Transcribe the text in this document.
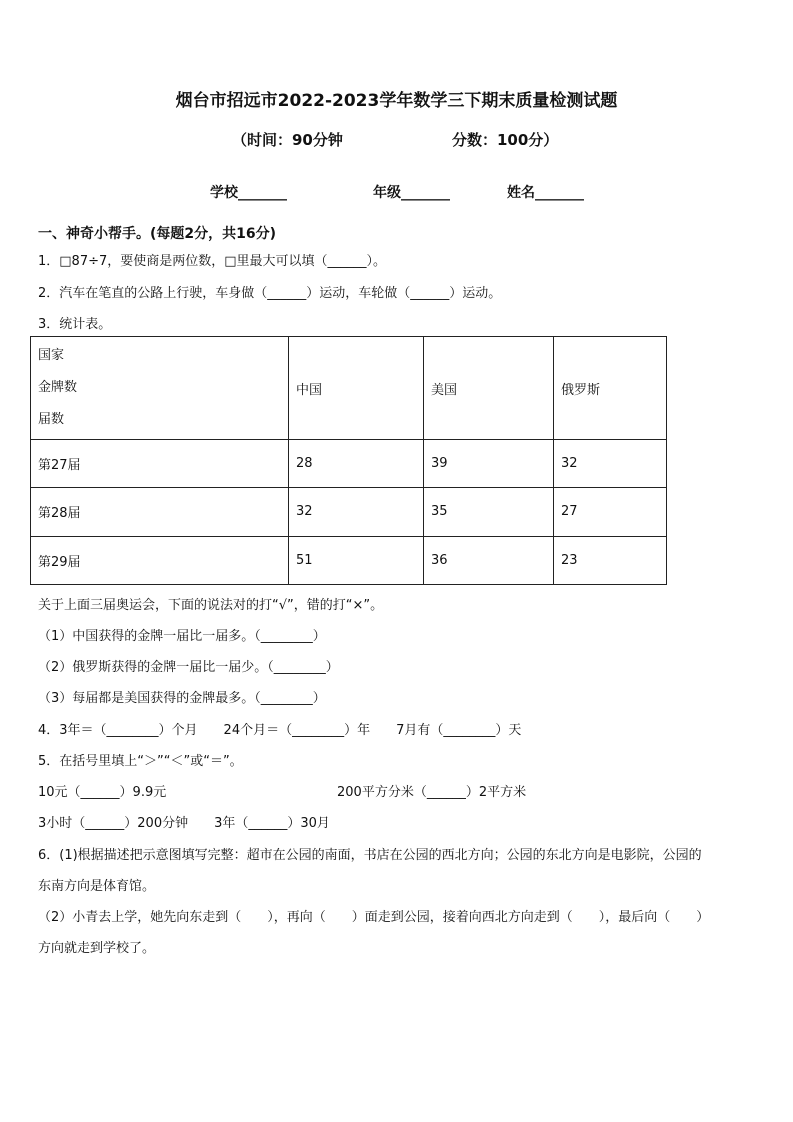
烟台市招远市2022-2023学年数学三下期末质量检测试题
（时间：90分钟	分数：100分）
学校_______	年级_______	姓名_______
一、神奇小帮手。(每题2分，共16分)
1．□87÷7，要使商是两位数，□里最大可以填（______）。
2．汽车在笔直的公路上行驶，车身做（______）运动，车轮做（______）运动。
3．统计表。
国家
金牌数
届数	中国	美国	俄罗斯
第27届	28	39	32
第28届	32	35	27
第29届	51	36	23
关于上面三届奥运会，下面的说法对的打“√”，错的打“×”。
（1）中国获得的金牌一届比一届多。（________）
（2）俄罗斯获得的金牌一届比一届少。（________）
（3）每届都是美国获得的金牌最多。（________）
4．3年＝（________）个月　　24个月＝（________）年　　7月有（________）天
5．在括号里填上“＞”“＜”或“＝”。
10元（______）9.9元	200平方分米（______）2平方米
3小时（______）200分钟　　3年（______）30月
6．(1)根据描述把示意图填写完整：超市在公园的南面，书店在公园的西北方向；公园的东北方向是电影院，公园的
东南方向是体育馆。
（2）小青去上学，她先向东走到（　　），再向（　　）面走到公园，接着向西北方向走到（　　），最后向（　　）
方向就走到学校了。
